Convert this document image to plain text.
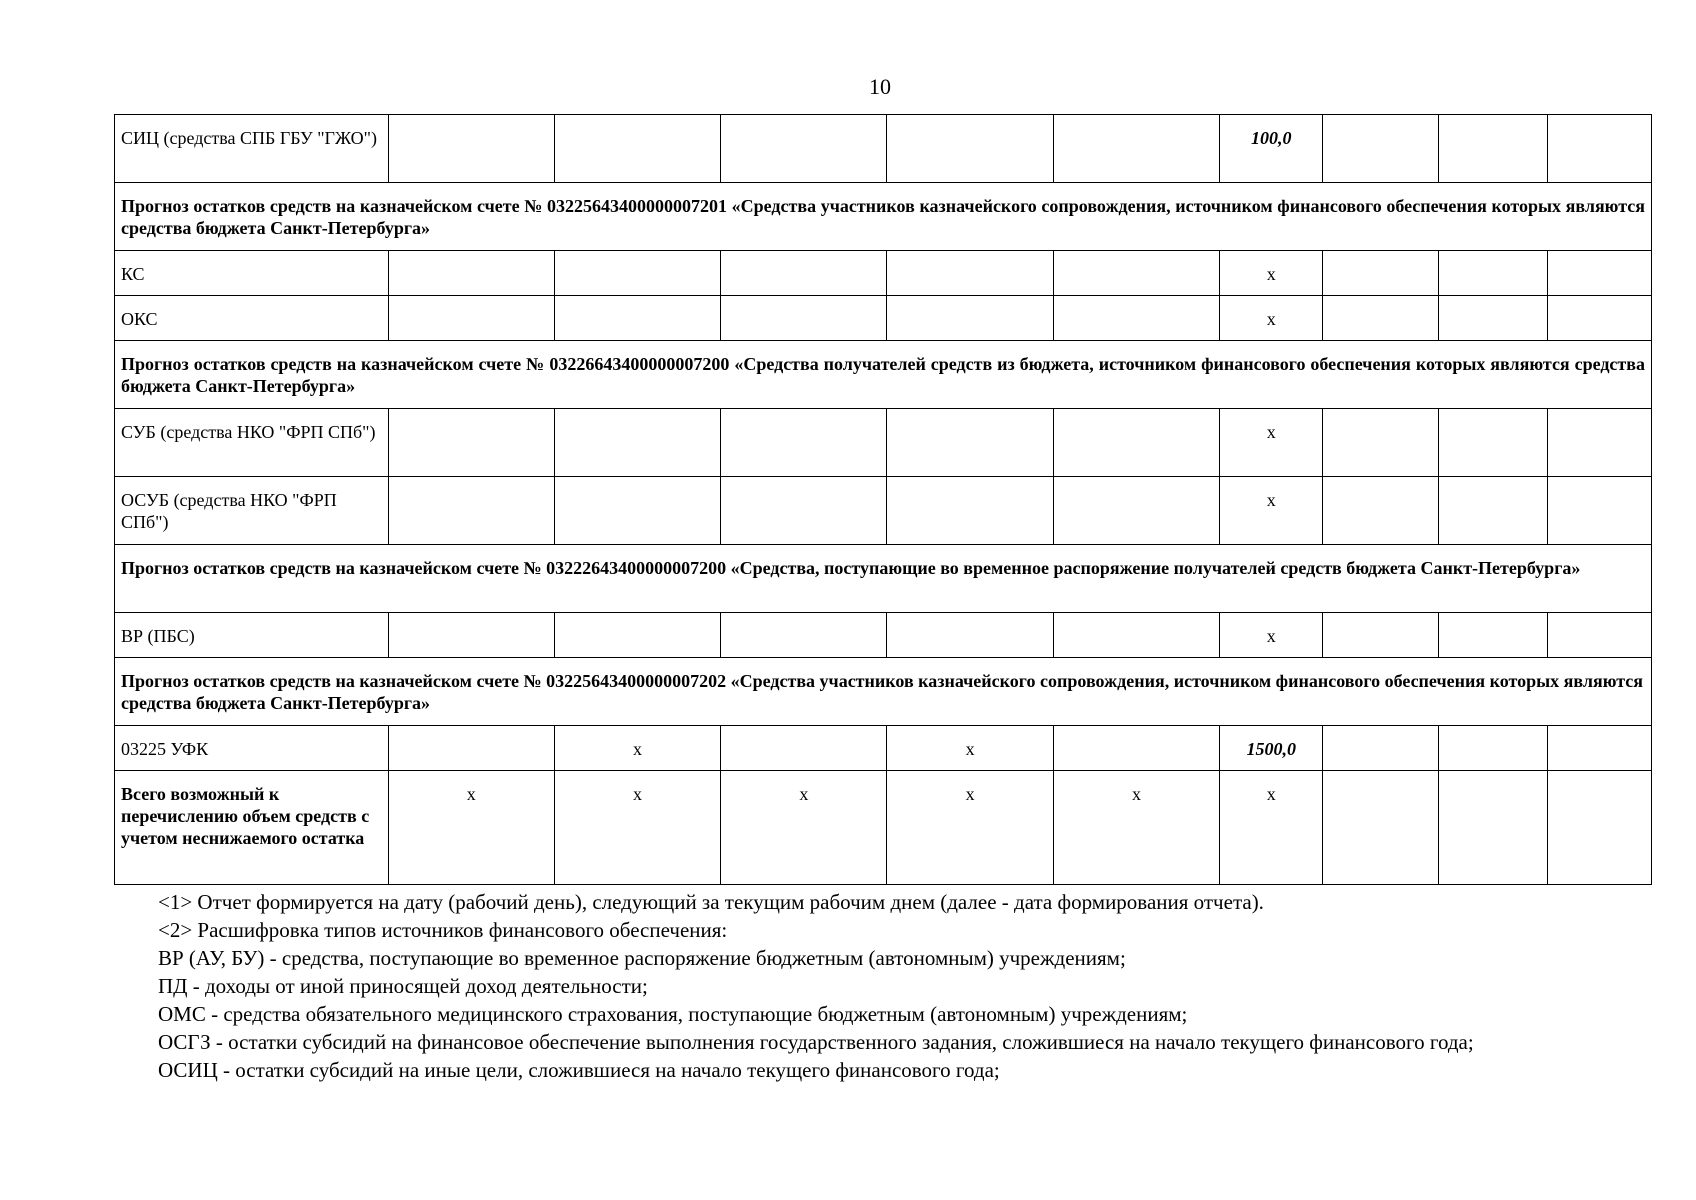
10
СИЦ (средства СПБ ГБУ "ГЖО")						100,0			
Прогноз остатков средств на казначейском счете № 03225643400000007201 «Средства участников казначейского сопровождения, источником финансового обеспечения которых являются средства бюджета Санкт-Петербурга»									
КС						x			
ОКС						x			
Прогноз остатков средств на казначейском счете № 03226643400000007200 «Средства получателей средств из бюджета, источником финансового обеспечения которых являются средства бюджета Санкт-Петербурга»									
СУБ (средства НКО "ФРП СПб")						x			
ОСУБ (средства НКО "ФРП СПб")						x			
Прогноз остатков средств на казначейском счете № 03222643400000007200 «Средства, поступающие во временное распоряжение получателей средств бюджета Санкт-Петербурга»									
ВР (ПБС)						x			
Прогноз остатков средств на казначейском счете № 03225643400000007202 «Средства участников казначейского сопровождения, источником финансового обеспечения которых являются средства бюджета Санкт-Петербурга»									
03225 УФК		x		x		1500,0			
Всего возможный к перечислению объем средств с учетом неснижаемого остатка	x	x	x	x	x	x			

<1> Отчет формируется на дату (рабочий день), следующий за текущим рабочим днем (далее - дата формирования отчета).

<2> Расшифровка типов источников финансового обеспечения:

ВР (АУ, БУ) - средства, поступающие во временное распоряжение бюджетным (автономным) учреждениям;

ПД - доходы от иной приносящей доход деятельности;

ОМС - средства обязательного медицинского страхования, поступающие бюджетным (автономным) учреждениям;

ОСГЗ - остатки субсидий на финансовое обеспечение выполнения государственного задания, сложившиеся на начало текущего финансового года;

ОСИЦ - остатки субсидий на иные цели, сложившиеся на начало текущего финансового года;
